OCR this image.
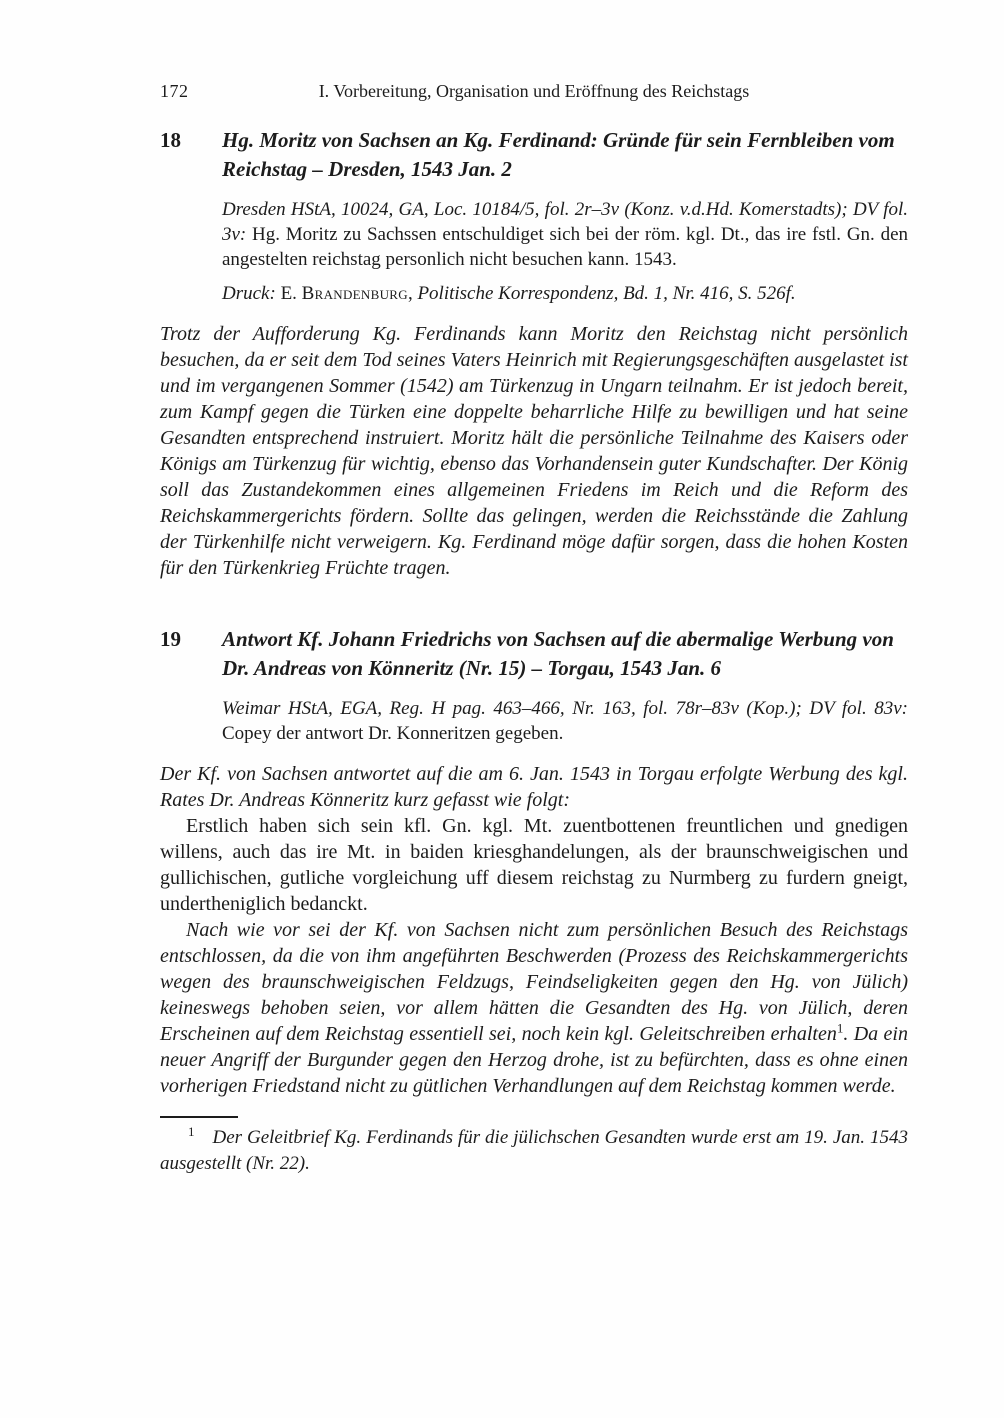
172	I. Vorbereitung, Organisation und Eröffnung des Reichstags
18	Hg. Moritz von Sachsen an Kg. Ferdinand: Gründe für sein Fernbleiben vom Reichstag – Dresden, 1543 Jan. 2

Dresden HStA, 10024, GA, Loc. 10184/5, fol. 2r–3v (Konz. v.d.Hd. Komerstadts); DV fol. 3v: Hg. Moritz zu Sachssen entschuldiget sich bei der röm. kgl. Dt., das ire fstl. Gn. den angestelten reichstag personlich nicht besuchen kann. 1543.

Druck: E. Brandenburg, Politische Korrespondenz, Bd. 1, Nr. 416, S. 526f.

Trotz der Aufforderung Kg. Ferdinands kann Moritz den Reichstag nicht persönlich besuchen, da er seit dem Tod seines Vaters Heinrich mit Regierungsgeschäften ausgelastet ist und im vergangenen Sommer (1542) am Türkenzug in Ungarn teilnahm. Er ist jedoch bereit, zum Kampf gegen die Türken eine doppelte beharrliche Hilfe zu bewilligen und hat seine Gesandten entsprechend instruiert. Moritz hält die persönliche Teilnahme des Kaisers oder Königs am Türkenzug für wichtig, ebenso das Vorhandensein guter Kundschafter. Der König soll das Zustandekommen eines allgemeinen Friedens im Reich und die Reform des Reichskammergerichts fördern. Sollte das gelingen, werden die Reichsstände die Zahlung der Türkenhilfe nicht verweigern. Kg. Ferdinand möge dafür sorgen, dass die hohen Kosten für den Türkenkrieg Früchte tragen.

19	Antwort Kf. Johann Friedrichs von Sachsen auf die abermalige Werbung von Dr. Andreas von Könneritz (Nr. 15) – Torgau, 1543 Jan. 6

Weimar HStA, EGA, Reg. H pag. 463–466, Nr. 163, fol. 78r–83v (Kop.); DV fol. 83v: Copey der antwort Dr. Konneritzen gegeben.

Der Kf. von Sachsen antwortet auf die am 6. Jan. 1543 in Torgau erfolgte Werbung des kgl. Rates Dr. Andreas Könneritz kurz gefasst wie folgt:

Erstlich haben sich sein kfl. Gn. kgl. Mt. zuentbottenen freuntlichen und gnedigen willens, auch das ire Mt. in baiden kriesghandelungen, als der braunschweigischen und gullichischen, gutliche vorgleichung uff diesem reichstag zu Nurmberg zu furdern gneigt, undertheniglich bedanckt.

Nach wie vor sei der Kf. von Sachsen nicht zum persönlichen Besuch des Reichstags entschlossen, da die von ihm angeführten Beschwerden (Prozess des Reichskammergerichts wegen des braunschweigischen Feldzugs, Feindseligkeiten gegen den Hg. von Jülich) keineswegs behoben seien, vor allem hätten die Gesandten des Hg. von Jülich, deren Erscheinen auf dem Reichstag essentiell sei, noch kein kgl. Geleitschreiben erhalten$^1$. Da ein neuer Angriff der Burgunder gegen den Herzog drohe, ist zu befürchten, dass es ohne einen vorherigen Friedstand nicht zu gütlichen Verhandlungen auf dem Reichstag kommen werde.

$^1$ Der Geleitbrief Kg. Ferdinands für die jülichschen Gesandten wurde erst am 19. Jan. 1543 ausgestellt (Nr. 22).
